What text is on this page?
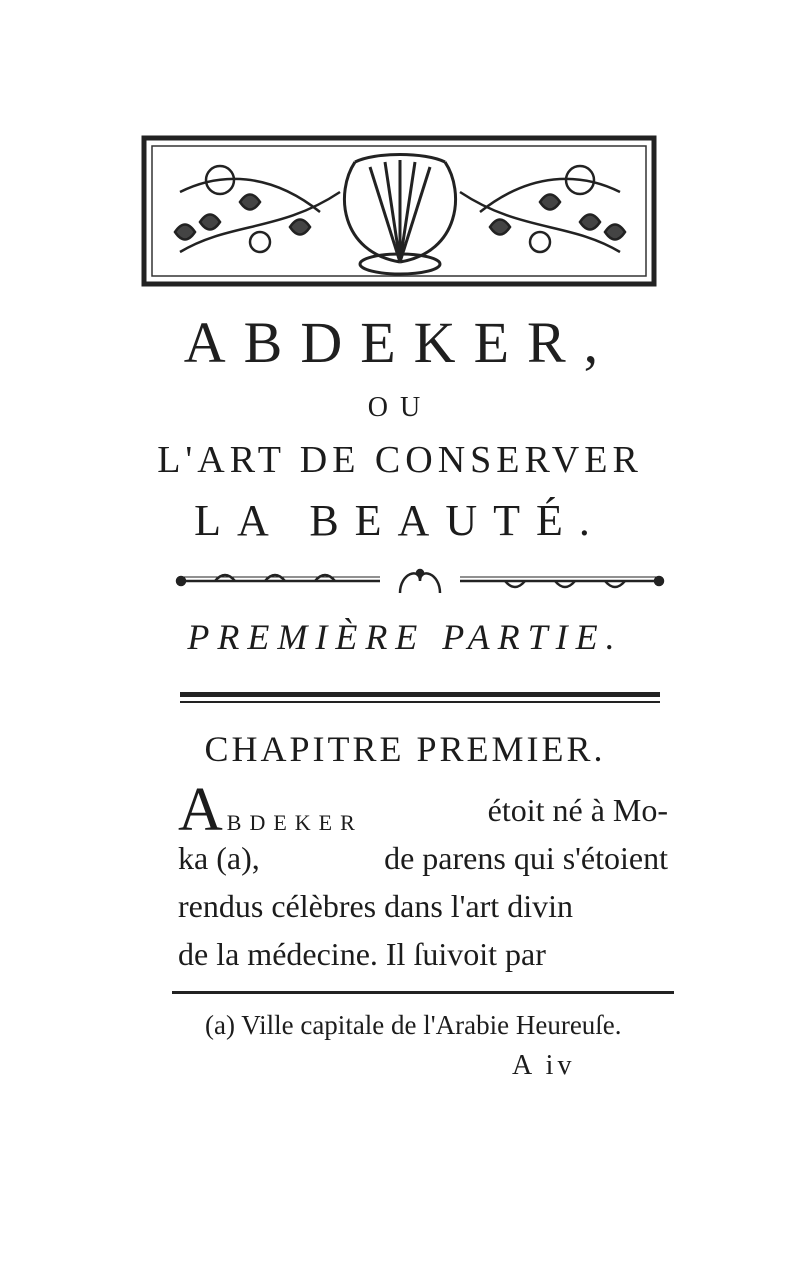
ABDEKER,
OU
L'ART DE CONSERVER
LA BEAUTÉ.
PREMIÈRE PARTIE.
CHAPITRE PREMIER.
ABDEKER	étoit né à Mo-
ka (a),	de parens qui s'étoient
rendus célèbres dans l'art divin
de la médecine. Il ſuivoit par
(a) Ville capitale de l'Arabie Heureuſe.
A iv
